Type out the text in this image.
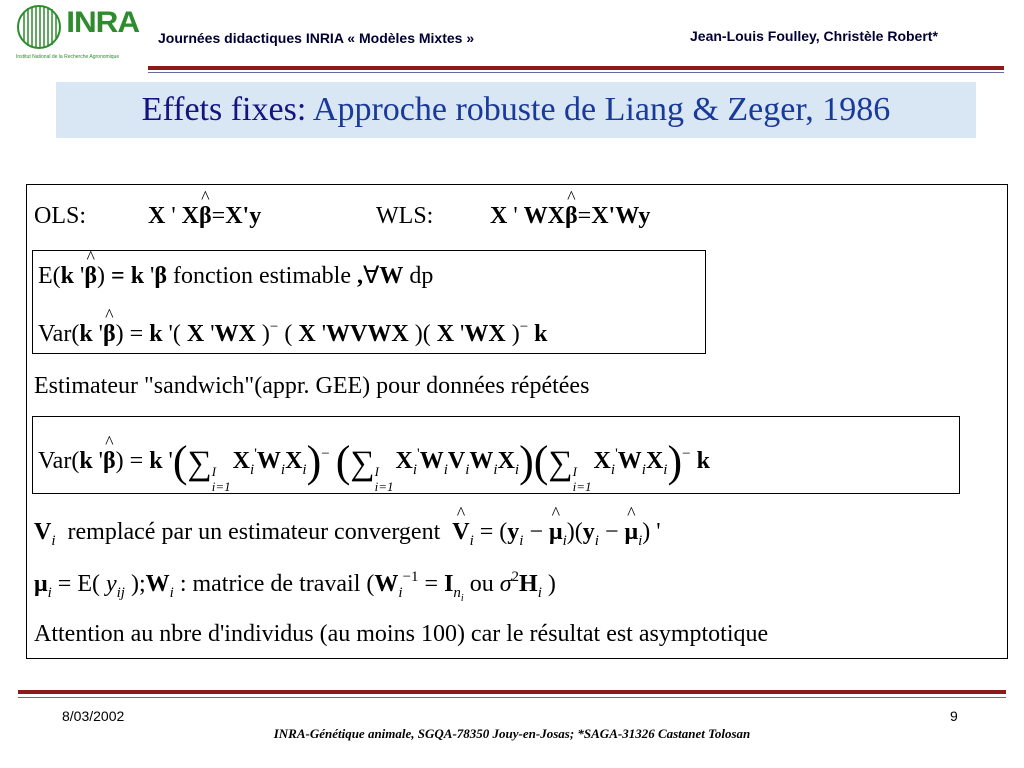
INRA
Institut National de la Recherche Agronomique
Journées didactiques INRIA « Modèles Mixtes »	Jean-Louis Foulley, Christèle Robert*
Effets fixes: Approche robuste de Liang & Zeger, 1986
OLS:	X ' X^ β=X'y	WLS: X ' WX^ β=X'Wy
E(k '^ β) = k 'β fonction estimable ,∀W dp
Var(k '^ β) = k '( X 'WX )− ( X 'WVWX )( X 'WX )− k
Estimateur "sandwich"(appr. GEE) pour données répétées
Var(k '^ β) = k '(∑ I
i=1
$X_i'W_iX_i)^-$ (∑ I
i=1
$X_i'W_iV_iW_iX_i)(\sum$ I
i=1
$X_i'W_iX_i)^-$ k
$V_i$ remplacé par un estimateur convergent  ^ $V_i = (y_i$ − ^ $\mu_i)(y_i$ − ^ $\mu_i$) '
$\mu_i = E$( $y_{ij}$ )$;W_i$ : matrice de travail ($W_i^{-1} = I_{n_i}$ ou $\sigma^2H_i$ )
Attention au nbre d'individus (au moins 100) car le résultat est asymptotique
8/03/2002	9
INRA-Génétique animale, SGQA-78350 Jouy-en-Josas; *SAGA-31326 Castanet Tolosan
